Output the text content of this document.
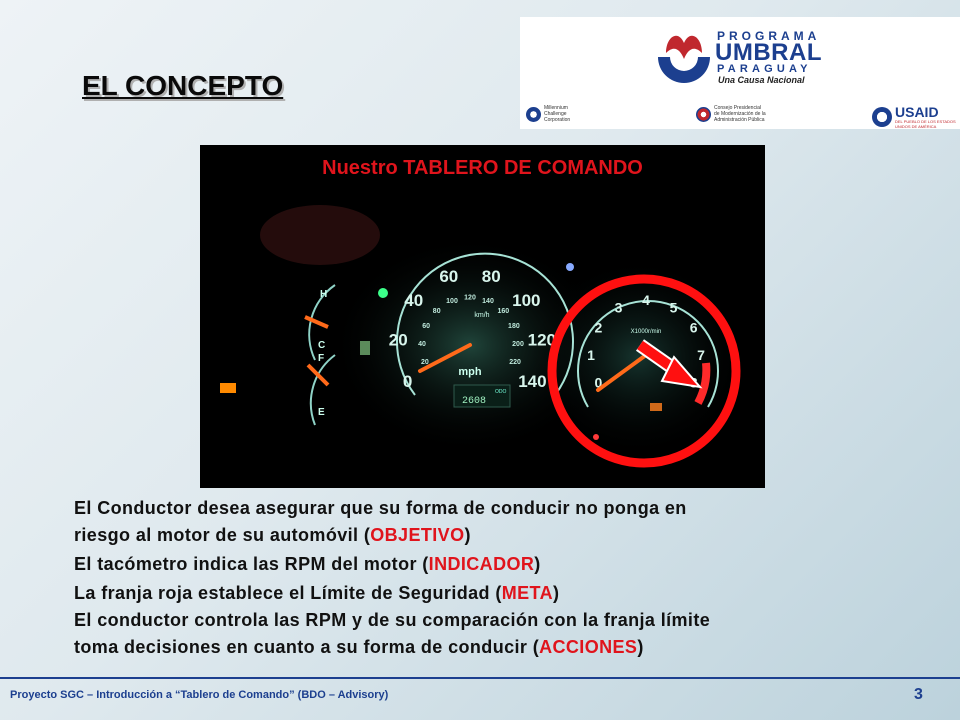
EL CONCEPTO
PROGRAMA
UMBRAL
PARAGUAY
Una Causa Nacional
Millennium
Challenge
Corporation
Consejo Presidencial
de Modernización de la
Administración Pública	USAID
DEL PUEBLO DE LOS ESTADOS
UNIDOS DE AMÉRICA
H
C
F
E
0
20
40
60 80
100
120
140
20
40
60
80
100 120 140
160
180
200
220
mph
km/h
ODO
2608
0
1
2
3 4 5
6
7
X1000r/min
Nuestro TABLERO DE COMANDO

El Conductor desea asegurar que su forma de conducir no ponga en

riesgo al motor de su automóvil (OBJETIVO)

El tacómetro indica las RPM del motor (INDICADOR)

La franja roja establece el Límite de Seguridad (META)

El conductor controla las RPM y de su comparación con la franja límite

toma decisiones en cuanto a su forma de conducir (ACCIONES)

Proyecto SGC – Introducción a “Tablero de Comando” (BDO – Advisory)	3
